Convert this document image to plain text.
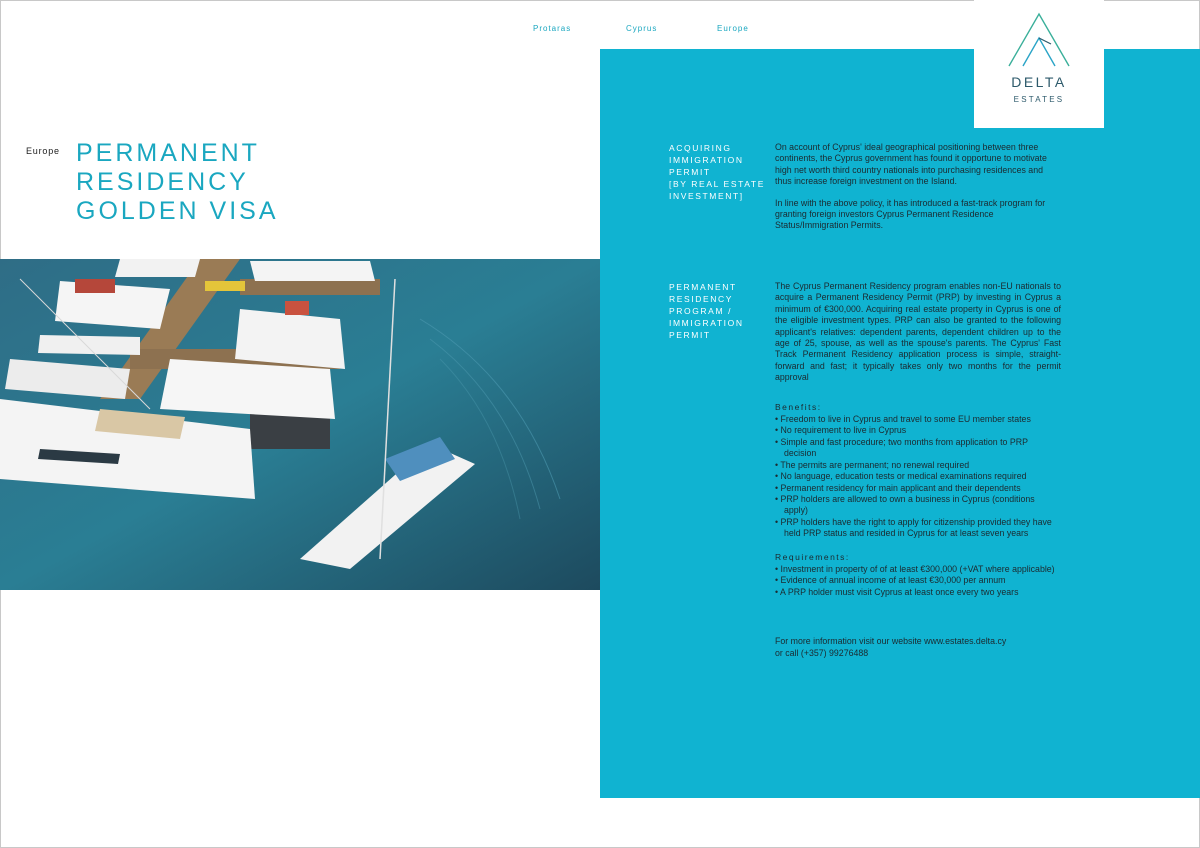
Protaras	Cyprus	Europe
Europe PERMANENT
RESIDENCY
GOLDEN VISA
DELTA
ESTATES
ACQUIRING
IMMIGRATION
PERMIT
[BY REAL ESTATE
INVESTMENT]
On account of Cyprus' ideal geographical positioning between three continents, the Cyprus government has found it opportune to motivate high net worth third country nationals into purchasing residences and thus increase foreign investment on the Island.
In line with the above policy, it has introduced a fast-track program for granting foreign investors Cyprus Permanent Residence Status/Immigration Permits.
PERMANENT
RESIDENCY
PROGRAM /
IMMIGRATION
PERMIT
The Cyprus Permanent Residency program enables non-EU nationals to acquire a Permanent Residency Permit (PRP) by investing in Cyprus a minimum of €300,000. Acquiring real estate property in Cyprus is one of the eligible investment types. PRP can also be granted to the following applicant's relatives: dependent parents, dependent children up to the age of 25, spouse, as well as the spouse's parents. The Cyprus' Fast Track Permanent Residency application process is simple, straight-forward and fast; it typically takes only two months for the permit approval
Benefits:
• Freedom to live in Cyprus and travel to some EU member states
• No requirement to live in Cyprus
• Simple and fast procedure; two months from application to PRP decision
• The permits are permanent; no renewal required
• No language, education tests or medical examinations required
• Permanent residency for main applicant and their dependents
• PRP holders are allowed to own a business in Cyprus (conditions apply)
• PRP holders have the right to apply for citizenship provided they have held PRP status and resided in Cyprus for at least seven years
Requirements:
• Investment in property of of at least €300,000 (+VAT where applicable)
• Evidence of annual income of at least €30,000 per annum
• A PRP holder must visit Cyprus at least once every two years
For more information visit our website www.estates.delta.cy
or call (+357) 99276488
